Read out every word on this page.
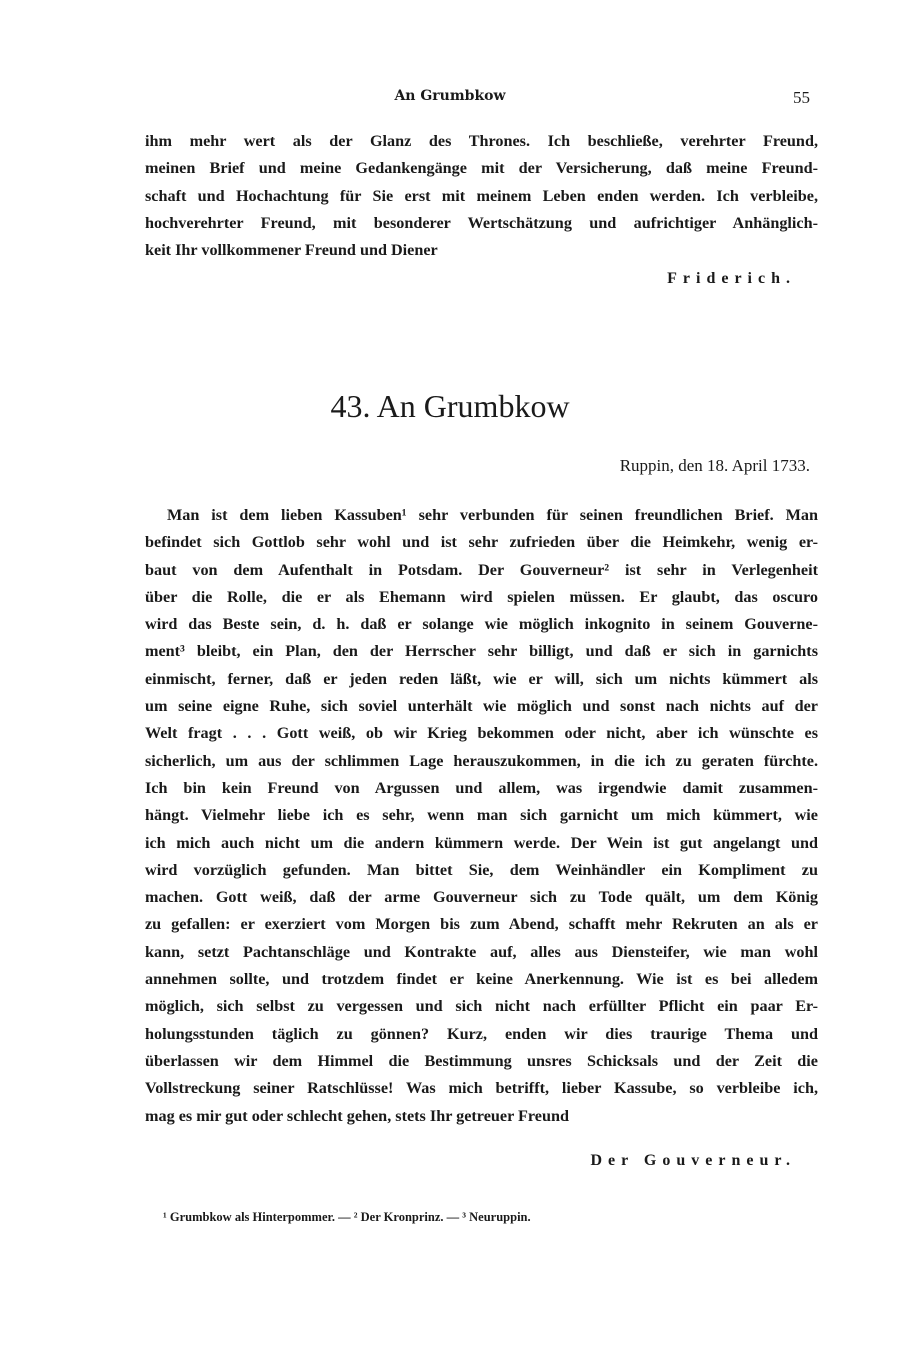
An Grumbkow	55
ihm mehr wert als der Glanz des Thrones. Ich beschließe, verehrter Freund,
meinen Brief und meine Gedankengänge mit der Versicherung, daß meine Freund-
schaft und Hochachtung für Sie erst mit meinem Leben enden werden. Ich verbleibe,
hochverehrter Freund, mit besonderer Wertschätzung und aufrichtiger Anhänglich-
keit Ihr vollkommener Freund und Diener
Friderich.
43. An Grumbkow
Ruppin, den 18. April 1733.
Man ist dem lieben Kassuben¹ sehr verbunden für seinen freundlichen Brief. Man
befindet sich Gottlob sehr wohl und ist sehr zufrieden über die Heimkehr, wenig er-
baut von dem Aufenthalt in Potsdam. Der Gouverneur² ist sehr in Verlegenheit
über die Rolle, die er als Ehemann wird spielen müssen. Er glaubt, das oscuro
wird das Beste sein, d. h. daß er solange wie möglich inkognito in seinem Gouverne-
ment³ bleibt, ein Plan, den der Herrscher sehr billigt, und daß er sich in garnichts
einmischt, ferner, daß er jeden reden läßt, wie er will, sich um nichts kümmert als
um seine eigne Ruhe, sich soviel unterhält wie möglich und sonst nach nichts auf der
Welt fragt . . . Gott weiß, ob wir Krieg bekommen oder nicht, aber ich wünschte es
sicherlich, um aus der schlimmen Lage herauszukommen, in die ich zu geraten fürchte.
Ich bin kein Freund von Argussen und allem, was irgendwie damit zusammen-
hängt. Vielmehr liebe ich es sehr, wenn man sich garnicht um mich kümmert, wie
ich mich auch nicht um die andern kümmern werde. Der Wein ist gut angelangt und
wird vorzüglich gefunden. Man bittet Sie, dem Weinhändler ein Kompliment zu
machen. Gott weiß, daß der arme Gouverneur sich zu Tode quält, um dem König
zu gefallen: er exerziert vom Morgen bis zum Abend, schafft mehr Rekruten an als er
kann, setzt Pachtanschläge und Kontrakte auf, alles aus Diensteifer, wie man wohl
annehmen sollte, und trotzdem findet er keine Anerkennung. Wie ist es bei alledem
möglich, sich selbst zu vergessen und sich nicht nach erfüllter Pflicht ein paar Er-
holungsstunden täglich zu gönnen? Kurz, enden wir dies traurige Thema und
überlassen wir dem Himmel die Bestimmung unsres Schicksals und der Zeit die
Vollstreckung seiner Ratschlüsse! Was mich betrifft, lieber Kassube, so verbleibe ich,
mag es mir gut oder schlecht gehen, stets Ihr getreuer Freund
Der Gouverneur.
¹ Grumbkow als Hinterpommer. — ² Der Kronprinz. — ³ Neuruppin.
